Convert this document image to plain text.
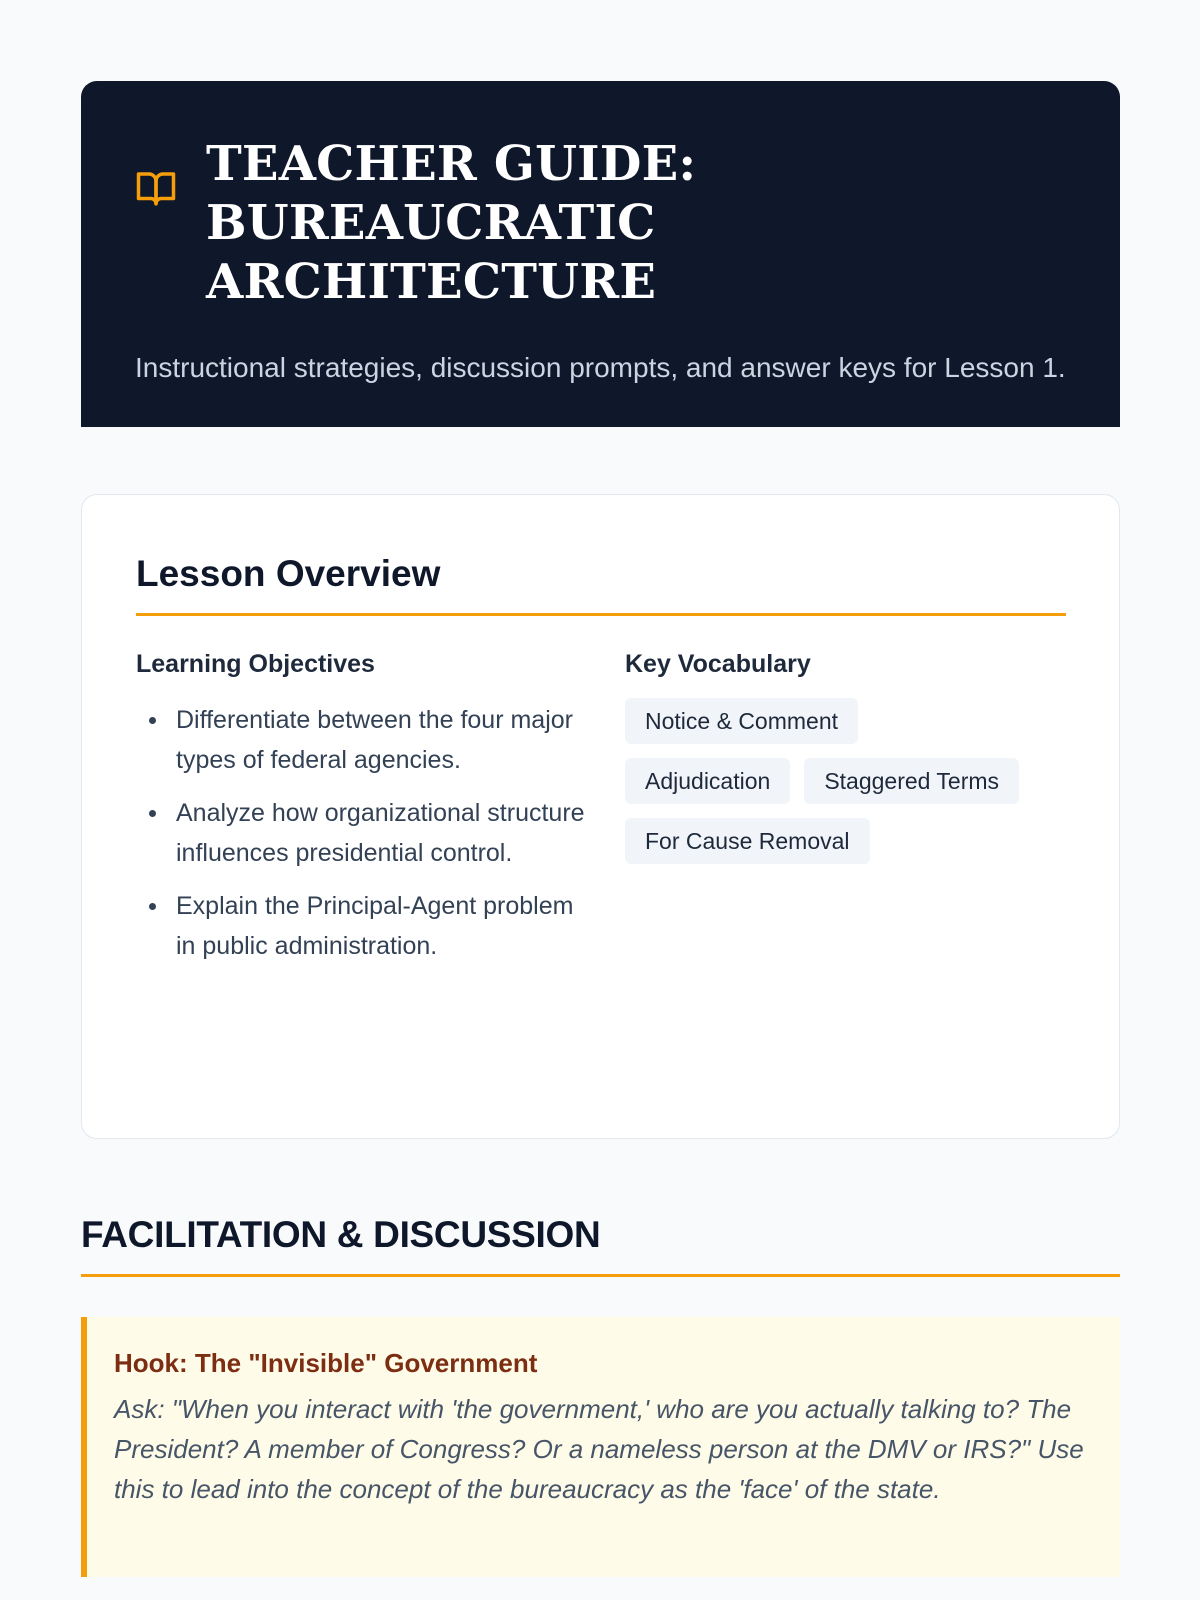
TEACHER GUIDE: BUREAUCRATIC ARCHITECTURE

Instructional strategies, discussion prompts, and answer keys for Lesson 1.

Lesson Overview
Learning Objectives
Differentiate between the four major types of federal agencies.
Analyze how organizational structure influences presidential control.
Explain the Principal-Agent problem in public administration.
Key Vocabulary
Notice & Comment
Adjudication	Staggered Terms
For Cause Removal
FACILITATION & DISCUSSION
Hook: The "Invisible" Government

Ask: "When you interact with 'the government,' who are you actually talking to? The President? A member of Congress? Or a nameless person at the DMV or IRS?" Use this to lead into the concept of the bureaucracy as the 'face' of the state.
